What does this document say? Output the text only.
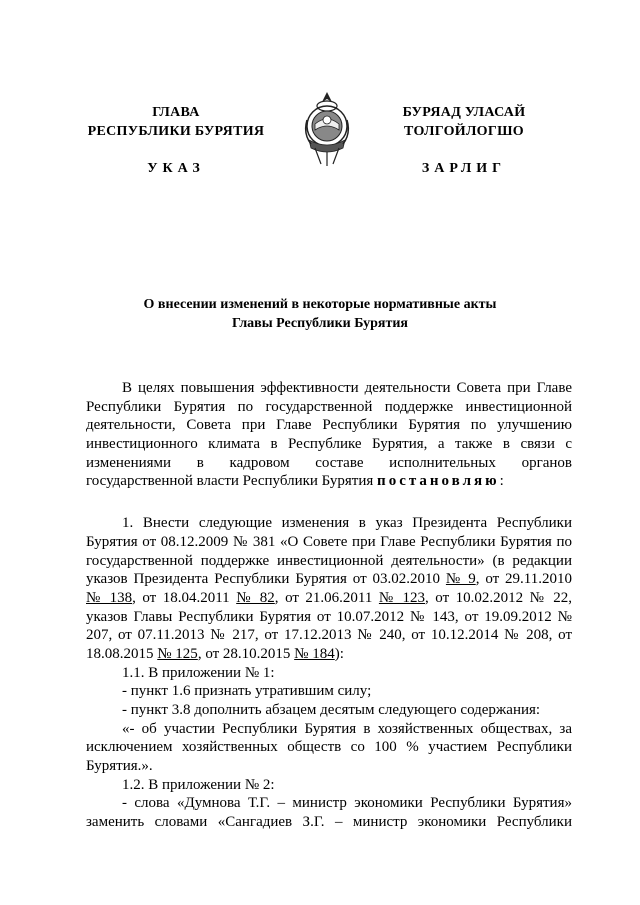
ГЛАВА
РЕСПУБЛИКИ БУРЯТИЯ
УКАЗ
БУРЯАД УЛАСАЙ
ТОЛГОЙЛОГШО
ЗАРЛИГ
О внесении изменений в некоторые нормативные акты
Главы Республики Бурятия
В целях повышения эффективности деятельности Совета при Главе
Республики Бурятия по государственной поддержке инвестиционной
деятельности, Совета при Главе Республики Бурятия по улучшению
инвестиционного климата в Республике Бурятия, а также в связи с
изменениями в кадровом составе исполнительных органов
государственной власти Республики Бурятия постановляю:
1. Внести следующие изменения в указ Президента Республики
Бурятия от 08.12.2009 № 381 «О Совете при Главе Республики Бурятия по
государственной поддержке инвестиционной деятельности» (в редакции
указов Президента Республики Бурятия от 03.02.2010 № 9, от 29.11.2010
№ 138, от 18.04.2011 № 82, от 21.06.2011 № 123, от 10.02.2012 № 22,
указов Главы Республики Бурятия от 10.07.2012 № 143, от 19.09.2012 №
207, от 07.11.2013 № 217, от 17.12.2013 № 240, от 10.12.2014 № 208, от
18.08.2015 № 125, от 28.10.2015 № 184):
1.1. В приложении № 1:
- пункт 1.6 признать утратившим силу;
- пункт 3.8 дополнить абзацем десятым следующего содержания:
«- об участии Республики Бурятия в хозяйственных обществах, за
исключением хозяйственных обществ со 100 % участием Республики
Бурятия.».
1.2. В приложении № 2:
- слова «Думнова Т.Г. – министр экономики Республики Бурятия»
заменить словами «Сангадиев З.Г. – министр экономики Республики
